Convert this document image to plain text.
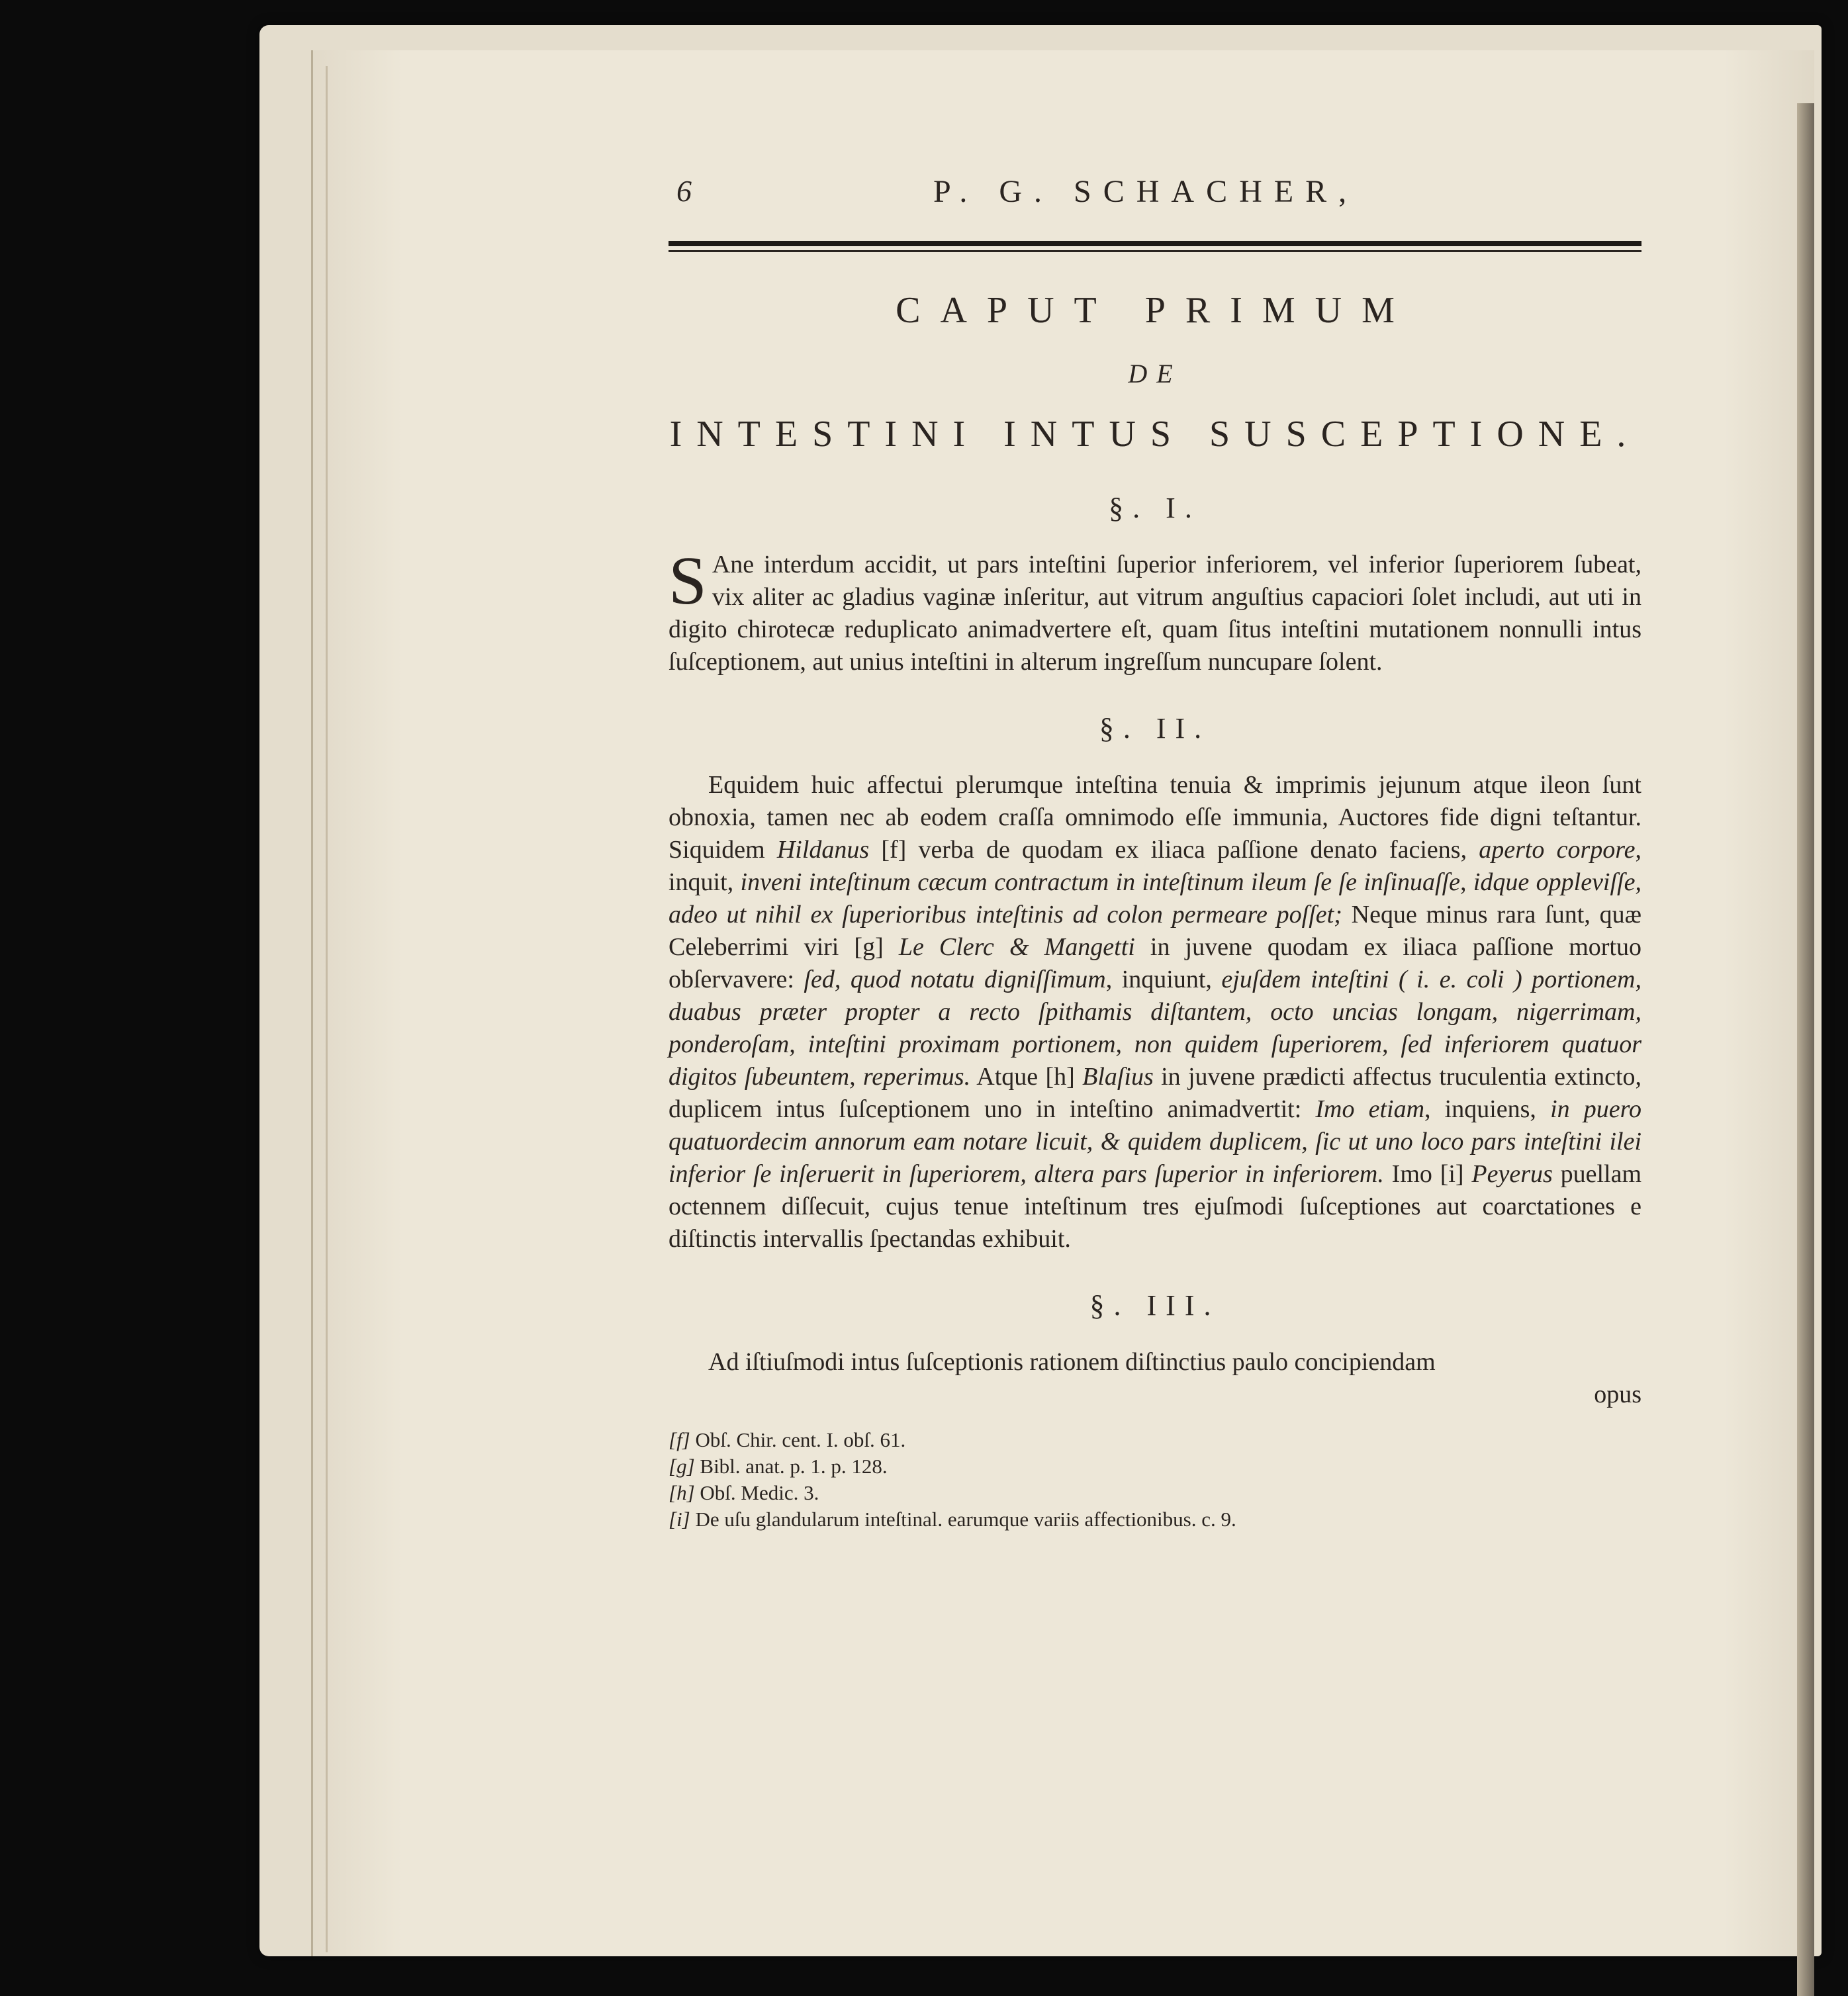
6	P. G. SCHACHER,
CAPUT PRIMUM
DE
INTESTINI INTUS SUSCEPTIONE.
§. I.

S Ane interdum accidit, ut pars inteſtini ſuperior inferiorem, vel inferior ſuperiorem ſubeat, vix aliter ac gladius vaginæ inſeritur, aut vitrum anguſtius capaciori ſolet includi, aut uti in digito chirotecæ reduplicato animadvertere eſt, quam ſitus inteſtini mutationem nonnulli intus ſuſceptionem, aut unius inteſtini in alterum ingreſſum nuncupare ſolent.

§. II.

Equidem huic affectui plerumque inteſtina tenuia & imprimis jejunum atque ileon ſunt obnoxia, tamen nec ab eodem craſſa omnimodo eſſe immunia, Auctores fide digni teſtantur. Siquidem Hildanus [f] verba de quodam ex iliaca paſſione denato faciens, aperto corpore, inquit, inveni inteſtinum cæcum contractum in inteſtinum ileum ſe ſe inſinuaſſe, idque oppleviſſe, adeo ut nihil ex ſuperioribus inteſtinis ad colon permeare poſſet; Neque minus rara ſunt, quæ Celeberrimi viri [g] Le Clerc & Mangetti in juvene quodam ex iliaca paſſione mortuo obſervavere: ſed, quod notatu digniſſimum, inquiunt, ejuſdem inteſtini ( i. e. coli ) portionem, duabus præter propter a recto ſpithamis diſtantem, octo uncias longam, nigerrimam, ponderoſam, inteſtini proximam portionem, non quidem ſuperiorem, ſed inferiorem quatuor digitos ſubeuntem, reperimus. Atque [h] Blaſius in juvene prædicti affectus truculentia extincto, duplicem intus ſuſceptionem uno in inteſtino animadvertit: Imo etiam, inquiens, in puero quatuordecim annorum eam notare licuit, & quidem duplicem, ſic ut uno loco pars inteſtini ilei inferior ſe inſeruerit in ſuperiorem, altera pars ſuperior in inferiorem. Imo [i] Peyerus puellam octennem diſſecuit, cujus tenue inteſtinum tres ejuſmodi ſuſceptiones aut coarctationes e diſtinctis intervallis ſpectandas exhibuit.

§. III.

Ad iſtiuſmodi intus ſuſceptionis rationem diſtinctius paulo concipiendam

opus
[f] Obſ. Chir. cent. I. obſ. 61.
[g] Bibl. anat. p. 1. p. 128.
[h] Obſ. Medic. 3.
[i] De uſu glandularum inteſtinal. earumque variis affectionibus. c. 9.
